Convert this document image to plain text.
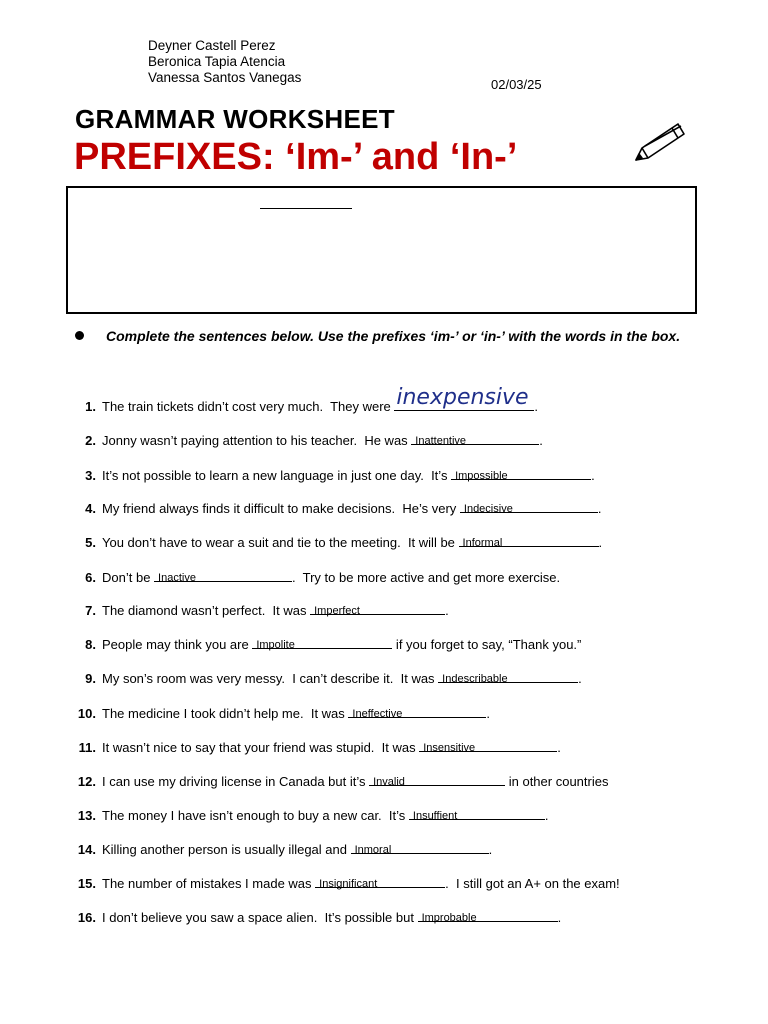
Deyner Castell Perez
Beronica Tapia Atencia
Vanessa Santos Vanegas	02/03/25
GRAMMAR WORKSHEET
PREFIXES: ‘Im-’ and ‘In-’
Complete the sentences below. Use the prefixes ‘im-’ or ‘in-’ with the words in the box.
1. The train tickets didn’t cost very much.  They were inexpensive .
2. Jonny wasn’t paying attention to his teacher.  He was Inattentive	.
3. It’s not possible to learn a new language in just one day.  It’s Impossible	.
4. My friend always finds it difficult to make decisions.  He’s very Indecisive	.
5. You don’t have to wear a suit and tie to the meeting.  It will be Informal	.
6. Don’t be Inactive	.  Try to be more active and get more exercise.
7. The diamond wasn’t perfect.  It was Imperfect	.
8. People may think you are Impolite	if you forget to say, “Thank you.”
9. My son’s room was very messy.  I can’t describe it.  It was Indescribable	.
10. The medicine I took didn’t help me.  It was Ineffective	.
11. It wasn’t nice to say that your friend was stupid.  It was Insensitive	.
12. I can use my driving license in Canada but it’s Invalid	in other countries
13. The money I have isn’t enough to buy a new car.  It’s Insuffient	.
14. Killing another person is usually illegal and Inmoral	.
15. The number of mistakes I made was Insignificant	.  I still got an A+ on the exam!
16. I don’t believe you saw a space alien.  It’s possible but Improbable	.
